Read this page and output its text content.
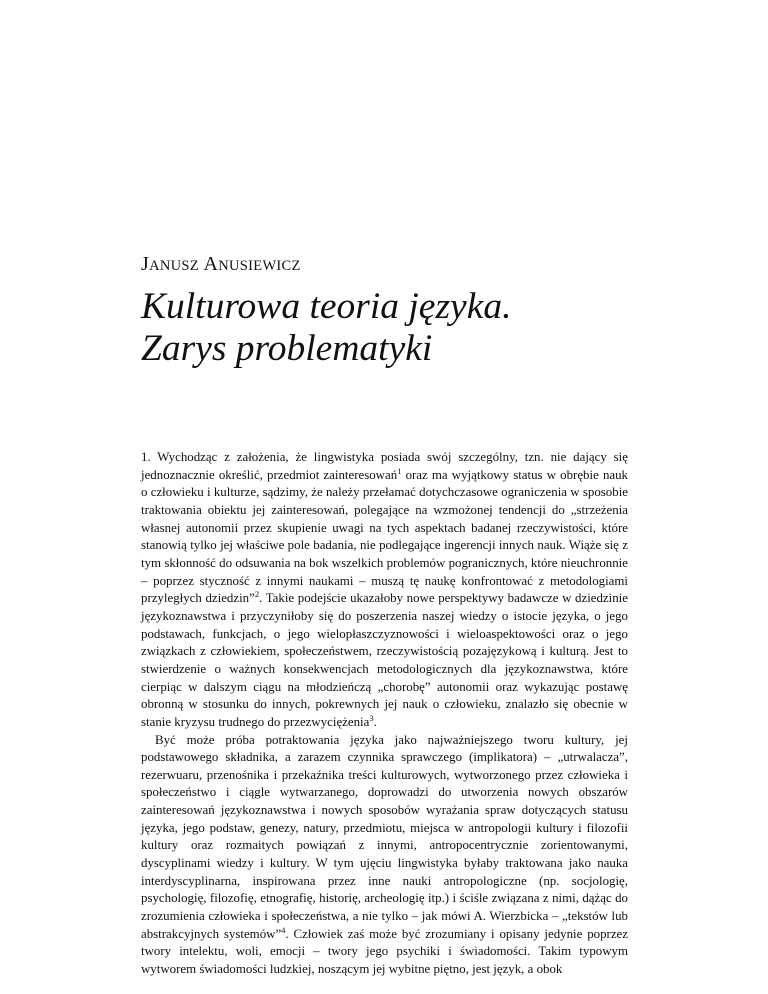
JANUSZ ANUSIEWICZ
Kulturowa teoria języka.
Zarys problematyki

1. Wychodząc z założenia, że lingwistyka posiada swój szczególny, tzn. nie dający się jednoznacznie określić, przedmiot zainteresowań$^1$ oraz ma wyjątkowy status w obrębie nauk o człowieku i kulturze, sądzimy, że należy przełamać dotychczasowe ograniczenia w sposobie traktowania obiektu jej zainteresowań, polegające na wzmożonej tendencji do „strzeżenia własnej autonomii przez skupienie uwagi na tych aspektach badanej rzeczywistości, które stanowią tylko jej właściwe pole badania, nie podlegające ingerencji innych nauk. Wiąże się z tym skłonność do odsuwania na bok wszelkich problemów pogranicznych, które nieuchronnie – poprzez styczność z innymi naukami – muszą tę naukę konfrontować z metodologiami przyległych dziedzin”$^2$. Takie podejście ukazałoby nowe perspektywy badawcze w dziedzinie językoznawstwa i przyczyniłoby się do poszerzenia naszej wiedzy o istocie języka, o jego podstawach, funkcjach, o jego wielopłaszczyznowości i wieloaspektowości oraz o jego związkach z człowiekiem, społeczeństwem, rzeczywistością pozajęzykową i kulturą. Jest to stwierdzenie o ważnych konsekwencjach metodologicznych dla językoznawstwa, które cierpiąc w dalszym ciągu na młodzieńczą „chorobę” autonomii oraz wykazując postawę obronną w stosunku do innych, pokrewnych jej nauk o człowieku, znalazło się obecnie w stanie kryzysu trudnego do przezwyciężenia$^3$.

Być może próba potraktowania języka jako najważniejszego tworu kultury, jej podstawowego składnika, a zarazem czynnika sprawczego (implikatora) – „utrwalacza”, rezerwuaru, przenośnika i przekaźnika treści kulturowych, wytworzonego przez człowieka i społeczeństwo i ciągle wytwarzanego, doprowadzi do utworzenia nowych obszarów zainteresowań językoznawstwa i nowych sposobów wyrażania spraw dotyczących statusu języka, jego podstaw, genezy, natury, przedmiotu, miejsca w antropologii kultury i filozofii kultury oraz rozmaitych powiązań z innymi, antropocentrycznie zorientowanymi, dyscyplinami wiedzy i kultury. W tym ujęciu lingwistyka byłaby traktowana jako nauka interdyscyplinarna, inspirowana przez inne nauki antropologiczne (np. socjologię, psychologię, filozofię, etnografię, historię, archeologię itp.) i ściśle związana z nimi, dążąc do zrozumienia człowieka i społeczeństwa, a nie tylko – jak mówi A. Wierzbicka – „tekstów lub abstrakcyjnych systemów”$^4$. Człowiek zaś może być zrozumiany i opisany jedynie poprzez twory intelektu, woli, emocji – twory jego psychiki i świadomości. Takim typowym wytworem świadomości ludzkiej, noszącym jej wybitne piętno, jest język, a obok
